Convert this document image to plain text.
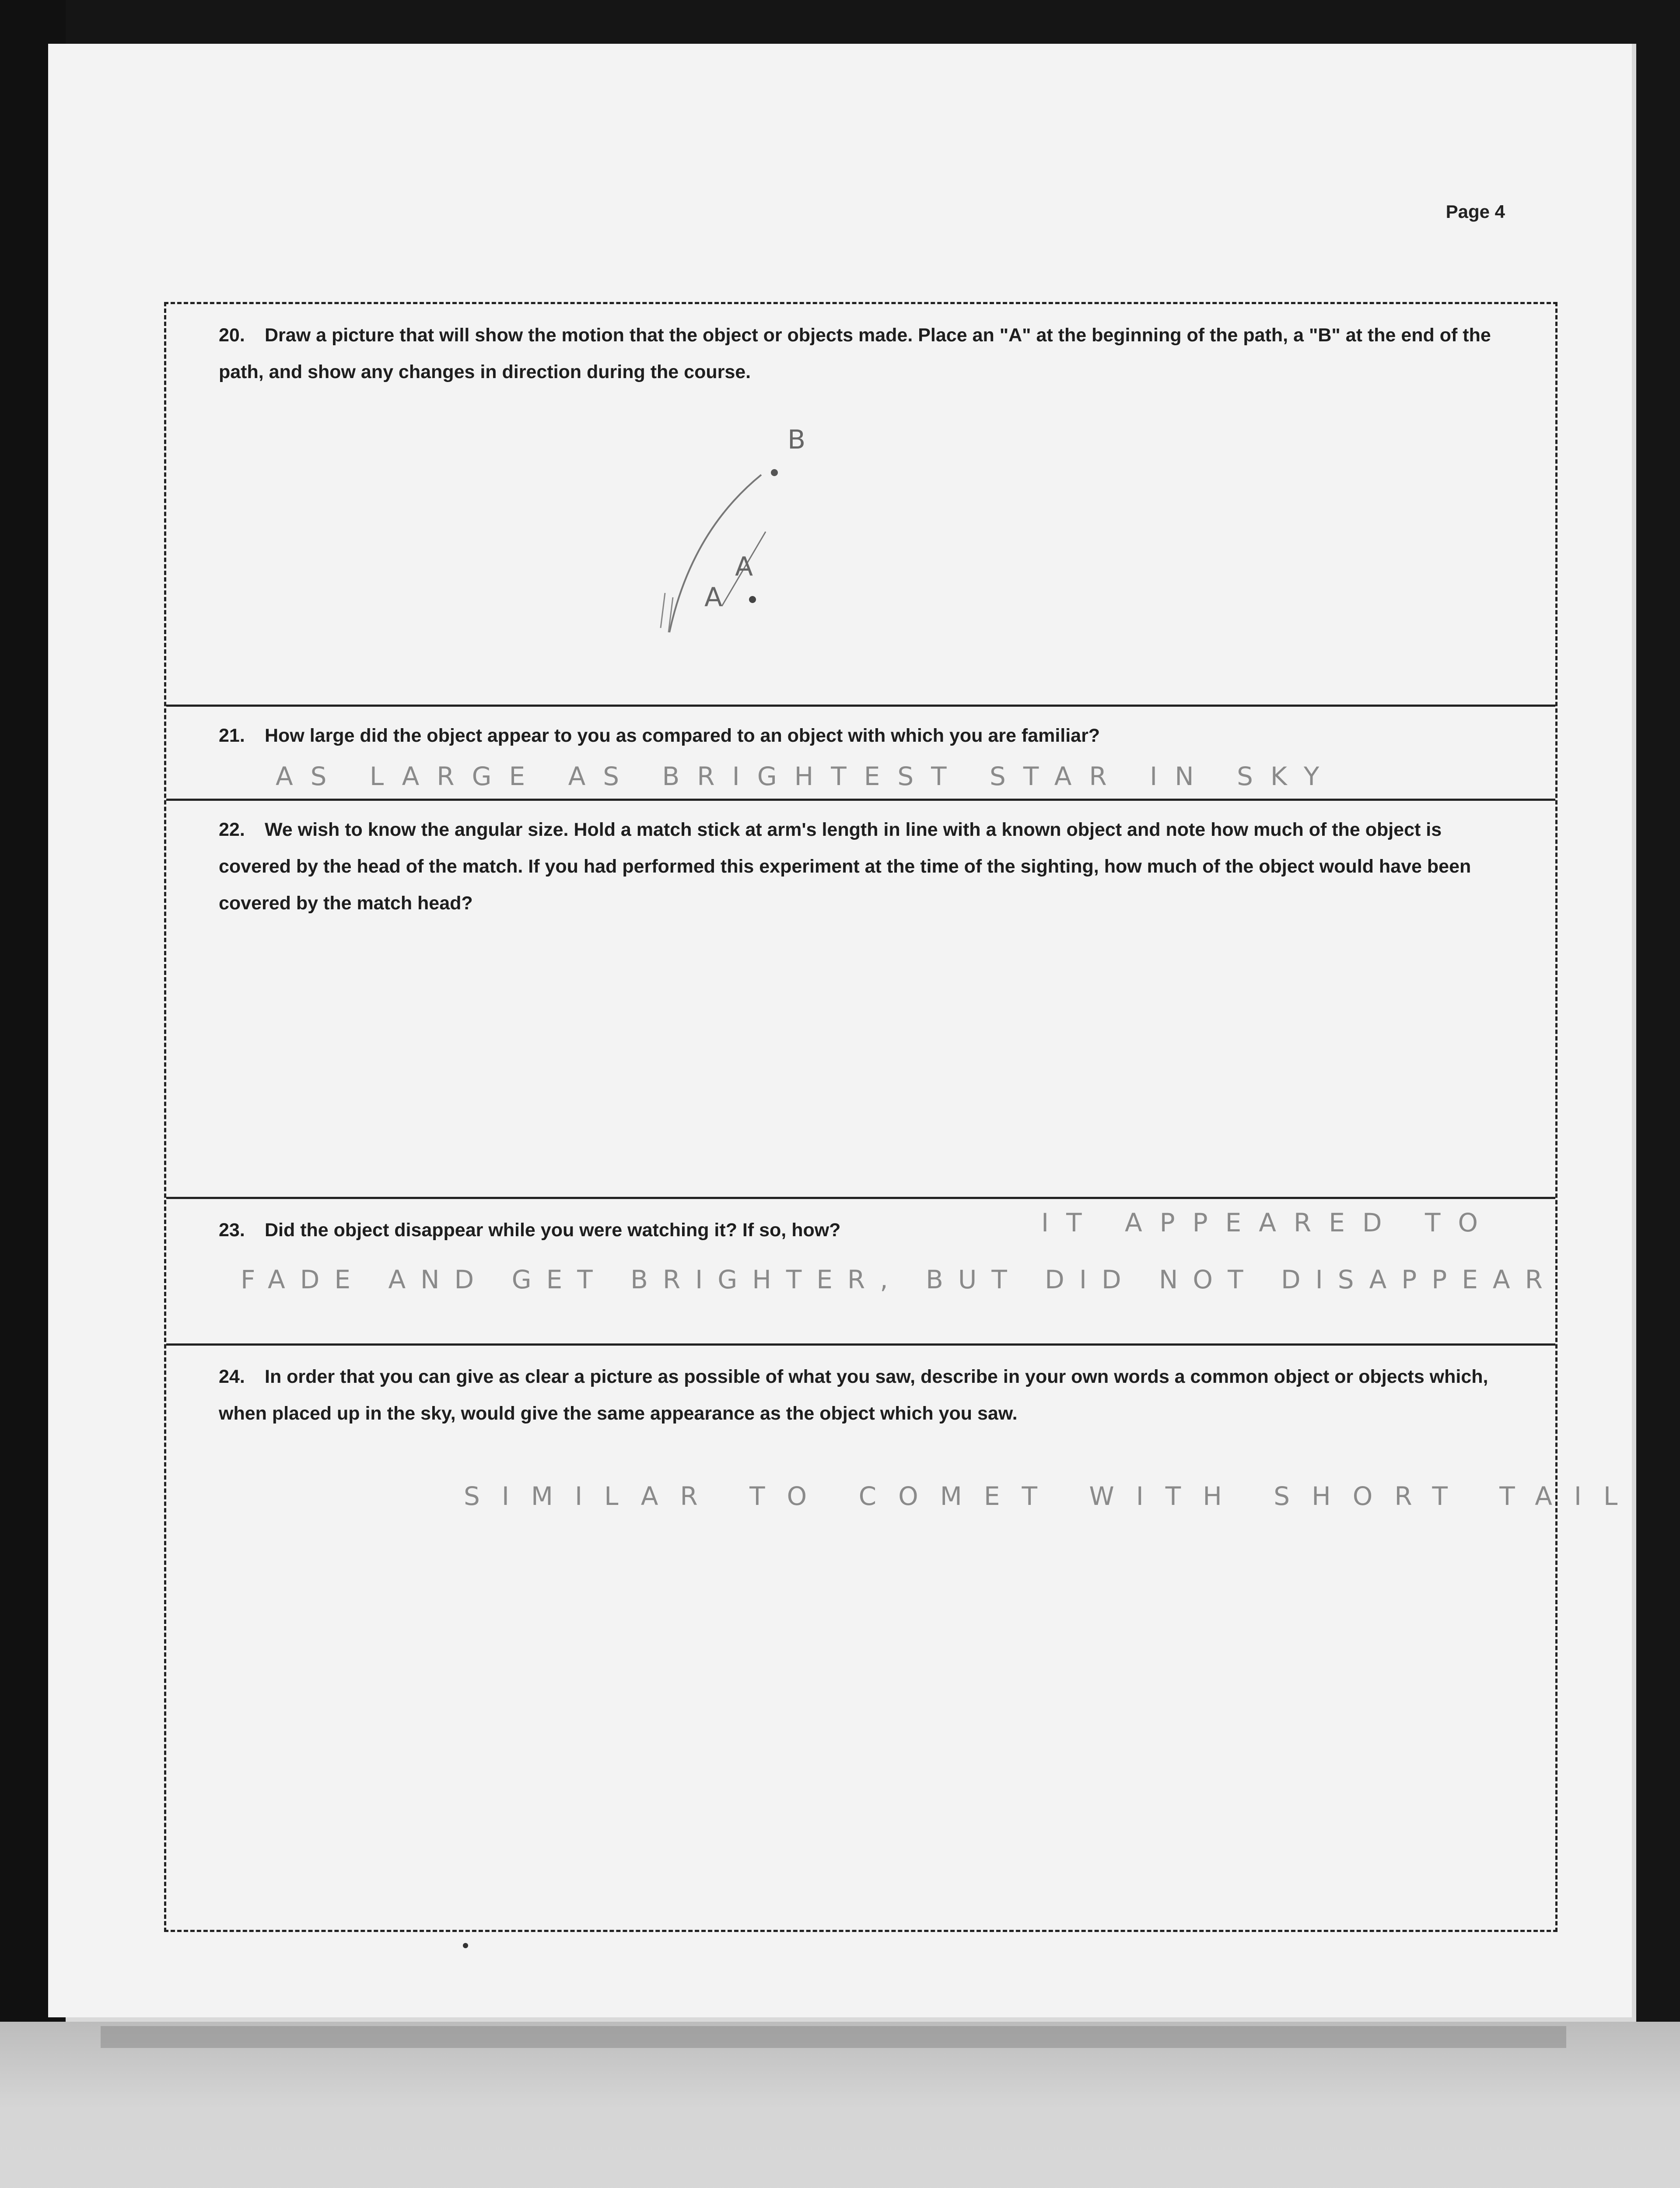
Page 4
20. Draw a picture that will show the motion that the object or objects made. Place an "A" at the beginning of the path, a "B" at the end of the path, and show any changes in direction during the course.
A
A
B
21. How large did the object appear to you as compared to an object with which you are familiar?
AS LARGE AS BRIGHTEST STAR IN SKY
22. We wish to know the angular size. Hold a match stick at arm's length in line with a known object and note how much of the object is covered by the head of the match. If you had performed this experiment at the time of the sighting, how much of the object would have been covered by the match head?
23. Did the object disappear while you were watching it? If so, how?	IT APPEARED TO
FADE AND GET BRIGHTER, BUT DID NOT DISAPPEAR
24. In order that you can give as clear a picture as possible of what you saw, describe in your own words a common object or objects which, when placed up in the sky, would give the same appearance as the object which you saw.
SIMILAR TO COMET WITH SHORT TAIL
